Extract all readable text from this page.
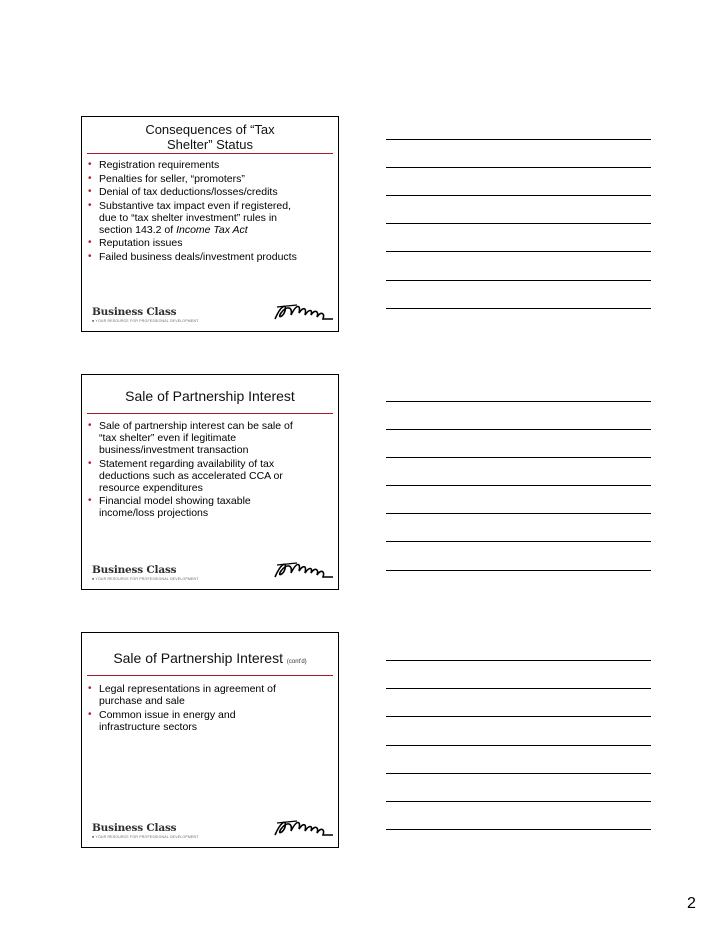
Consequences of “Tax
Shelter” Status
• Registration requirements
• Penalties for seller, “promoters”
• Denial of tax deductions/losses/credits
• Substantive tax impact even if registered,
due to “tax shelter investment” rules in
section 143.2 of Income Tax Act
• Reputation issues
• Failed business deals/investment products
Business Class
■ YOUR RESOURCE FOR PROFESSIONAL DEVELOPMENT
Sale of Partnership Interest
• Sale of partnership interest can be sale of
“tax shelter” even if legitimate
business/investment transaction
• Statement regarding availability of tax
deductions such as accelerated CCA or
resource expenditures
• Financial model showing taxable
income/loss projections
Business Class
■ YOUR RESOURCE FOR PROFESSIONAL DEVELOPMENT
Sale of Partnership Interest (cont'd)
• Legal representations in agreement of
purchase and sale
• Common issue in energy and
infrastructure sectors
Business Class
■ YOUR RESOURCE FOR PROFESSIONAL DEVELOPMENT
2
